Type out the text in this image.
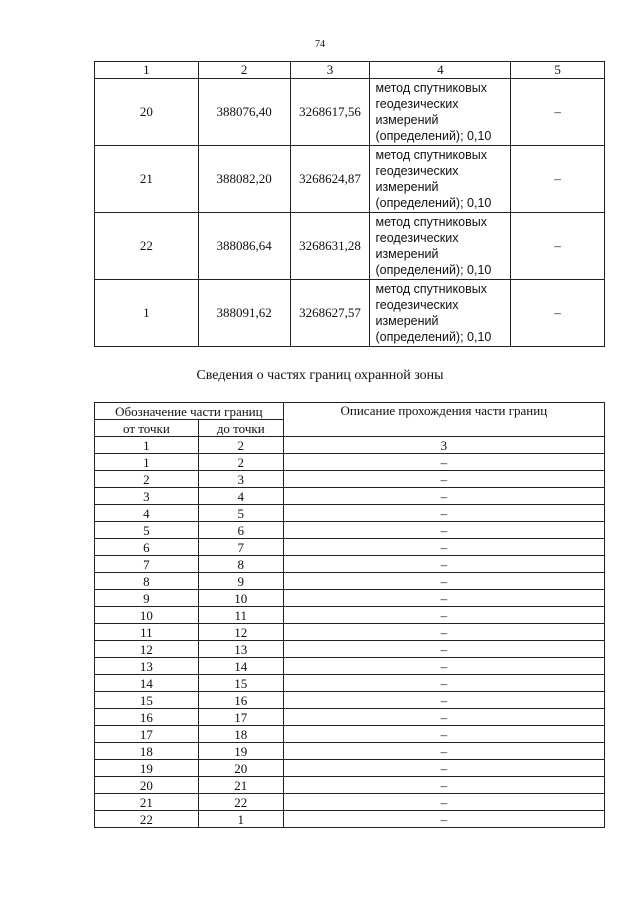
74
1	2	3	4	5
20	388076,40	3268617,56	метод спутниковых
геодезических
измерений
(определений); 0,10	–
21	388082,20	3268624,87	метод спутниковых
геодезических
измерений
(определений); 0,10	–
22	388086,64	3268631,28	метод спутниковых
геодезических
измерений
(определений); 0,10	–
1	388091,62	3268627,57	метод спутниковых
геодезических
измерений
(определений); 0,10	–
Сведения о частях границ охранной зоны
Обозначение части границ		Описание прохождения части границ
от точки	до точки	
1	2	3
1	2	–
2	3	–
3	4	–
4	5	–
5	6	–
6	7	–
7	8	–
8	9	–
9	10	–
10	11	–
11	12	–
12	13	–
13	14	–
14	15	–
15	16	–
16	17	–
17	18	–
18	19	–
19	20	–
20	21	–
21	22	–
22	1	–
